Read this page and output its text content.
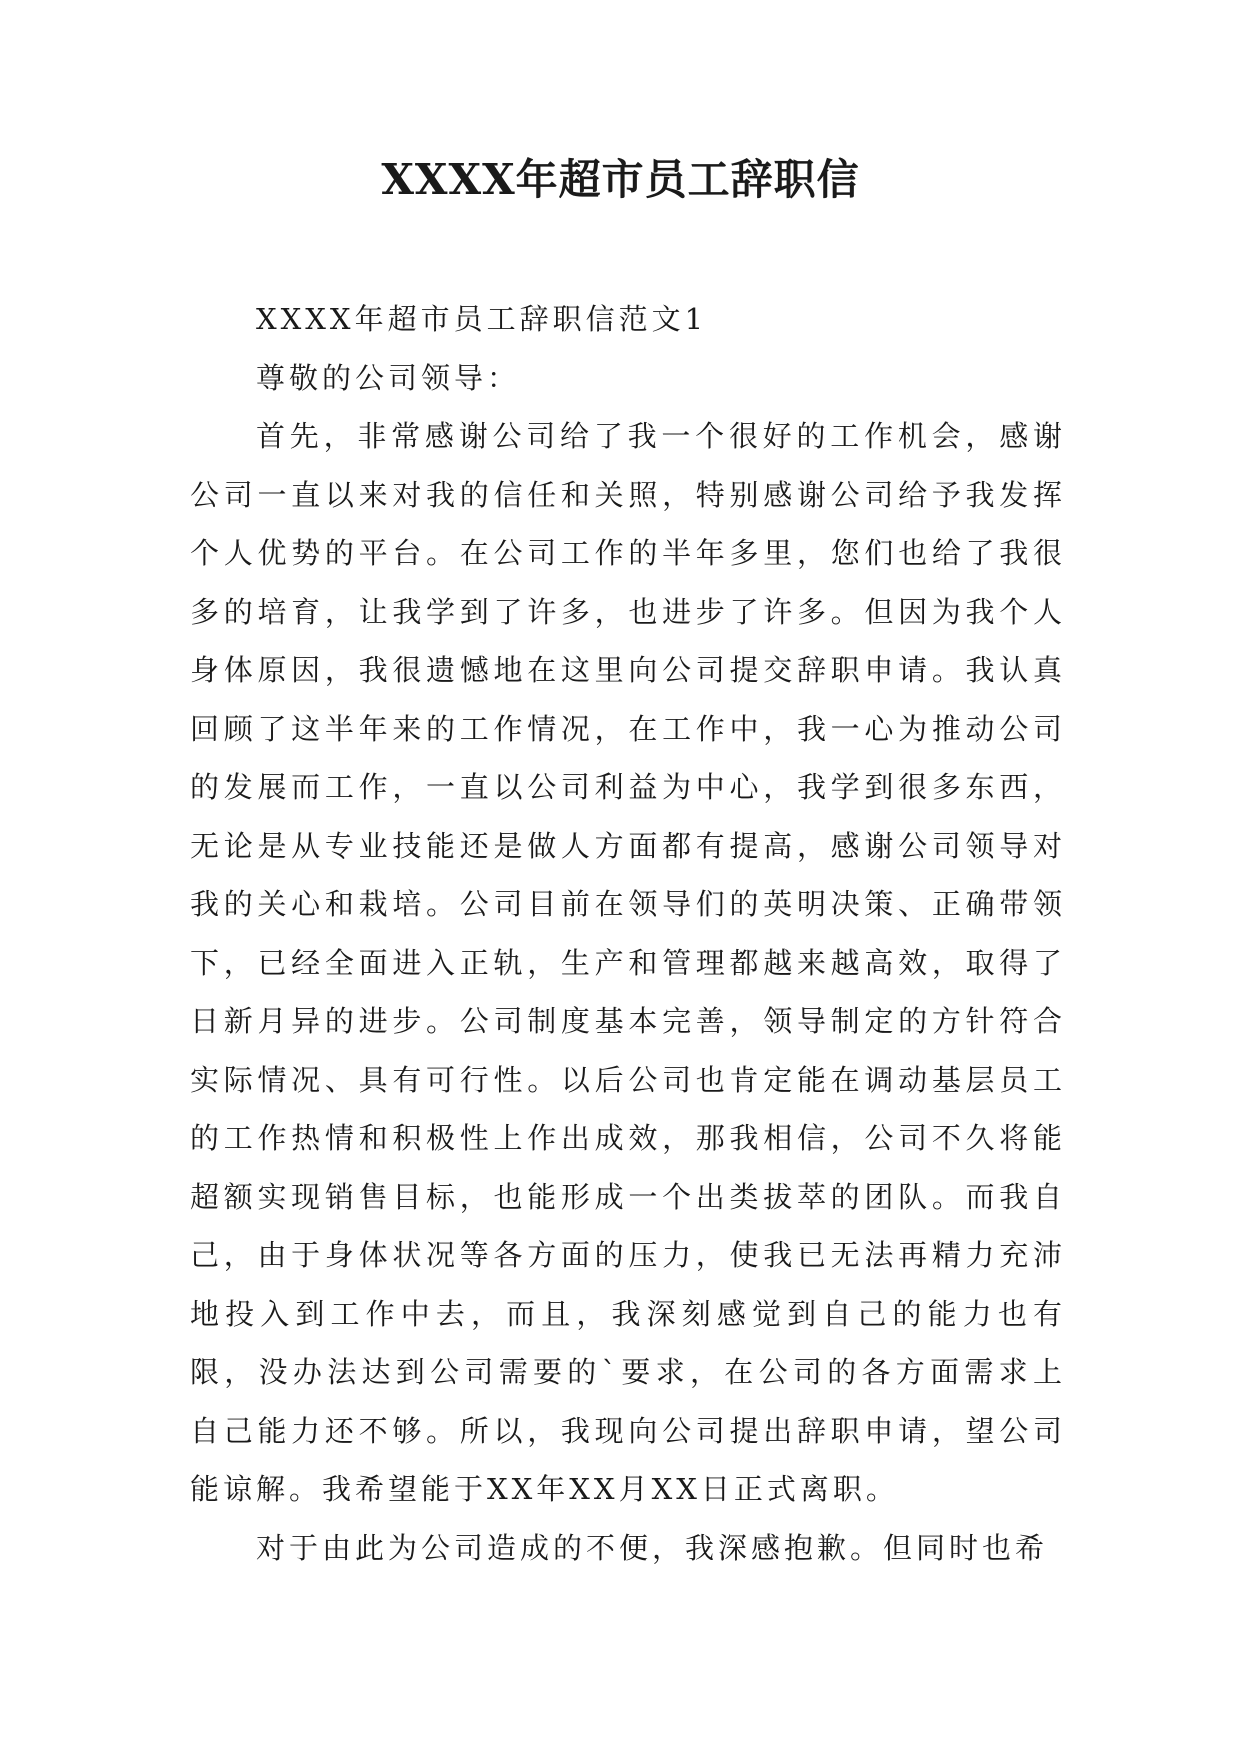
XXXX年超市员工辞职信

XXXX年超市员工辞职信范文1

尊敬的公司领导：

首先，非常感谢公司给了我一个很好的工作机会，感谢公司一直以来对我的信任和关照，特别感谢公司给予我发挥个人优势的平台。在公司工作的半年多里，您们也给了我很多的培育，让我学到了许多，也进步了许多。但因为我个人身体原因，我很遗憾地在这里向公司提交辞职申请。我认真回顾了这半年来的工作情况，在工作中，我一心为推动公司的发展而工作，一直以公司利益为中心，我学到很多东西，无论是从专业技能还是做人方面都有提高，感谢公司领导对我的关心和栽培。公司目前在领导们的英明决策、正确带领下，已经全面进入正轨，生产和管理都越来越高效，取得了日新月异的进步。公司制度基本完善，领导制定的方针符合实际情况、具有可行性。以后公司也肯定能在调动基层员工的工作热情和积极性上作出成效，那我相信，公司不久将能超额实现销售目标，也能形成一个出类拔萃的团队。而我自己，由于身体状况等各方面的压力，使我已无法再精力充沛地投入到工作中去，而且，我深刻感觉到自己的能力也有限，没办法达到公司需要的`要求，在公司的各方面需求上自己能力还不够。所以，我现向公司提出辞职申请，望公司能谅解。我希望能于XX年XX月XX日正式离职。

对于由此为公司造成的不便，我深感抱歉。但同时也希
